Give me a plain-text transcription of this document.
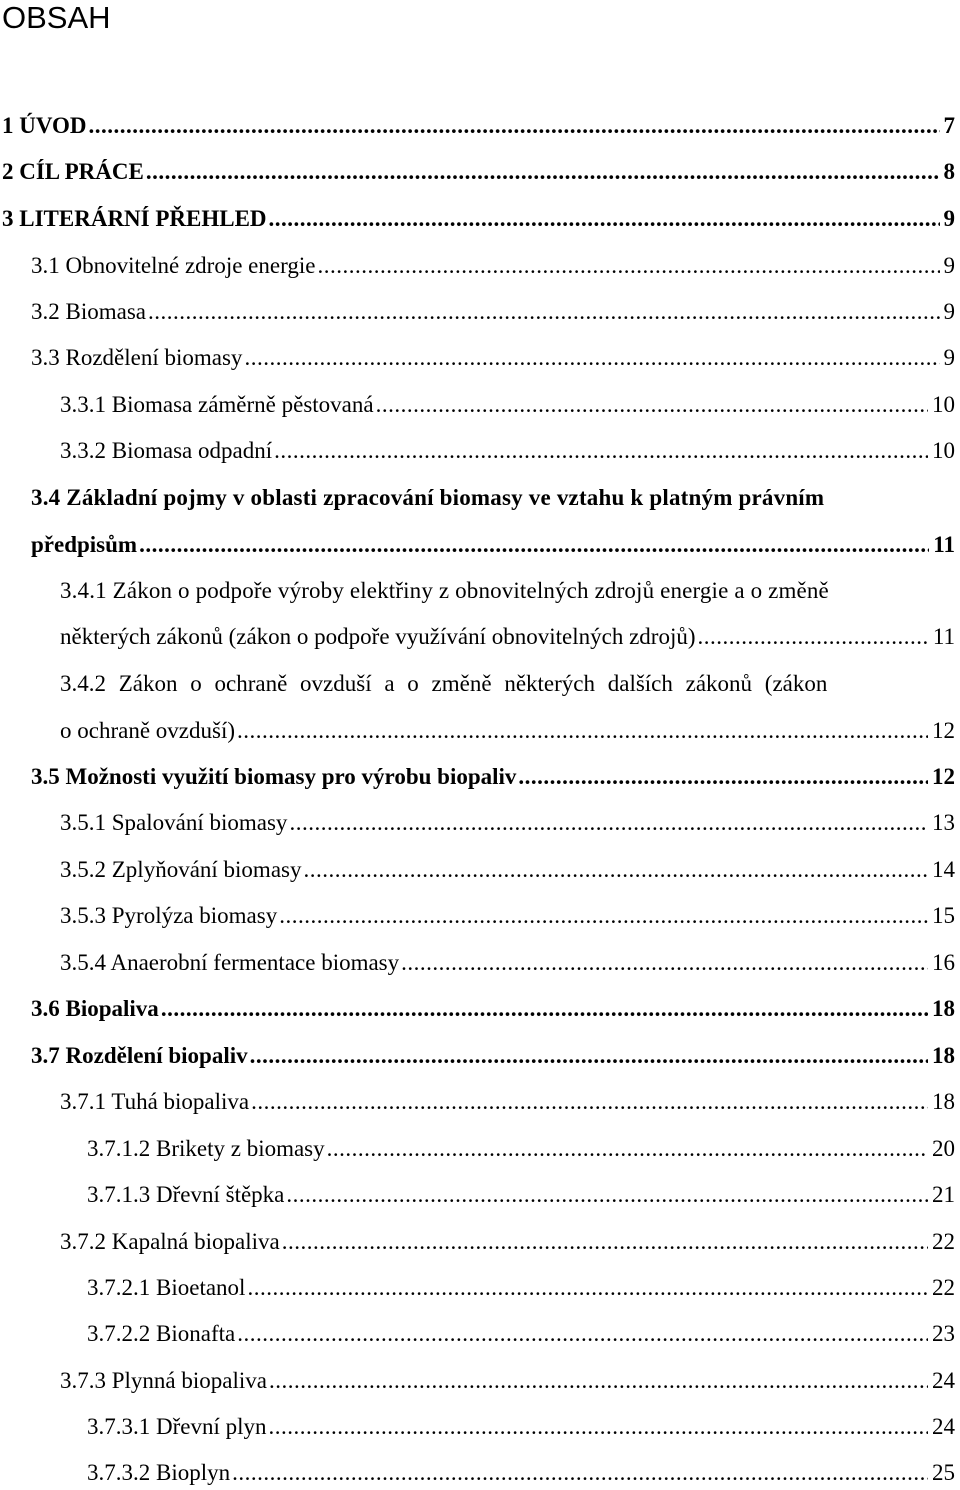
OBSAH
1 ÚVOD .....	7
2 CÍL PRÁCE .....	8
3 LITERÁRNÍ PŘEHLED .....	9
3.1 Obnovitelné zdroje energie .....	9
3.2 Biomasa .....	9
3.3 Rozdělení biomasy .....	9
3.3.1 Biomasa záměrně pěstovaná .....	10
3.3.2 Biomasa odpadní .....	10
3.4 Základní pojmy v oblasti zpracování biomasy ve vztahu k platným právním
předpisům .....	11
3.4.1 Zákon o podpoře výroby elektřiny z obnovitelných zdrojů energie a o změně
některých zákonů (zákon o podpoře využívání obnovitelných zdrojů) .....	11
3.4.2 Zákon o ochraně ovzduší a o změně některých dalších zákonů (zákon
o ochraně ovzduší) .....	12
3.5 Možnosti využití biomasy pro výrobu biopaliv .....	12
3.5.1 Spalování biomasy .....	13
3.5.2 Zplyňování biomasy .....	14
3.5.3 Pyrolýza biomasy .....	15
3.5.4 Anaerobní fermentace biomasy .....	16
3.6 Biopaliva .....	18
3.7 Rozdělení biopaliv .....	18
3.7.1 Tuhá biopaliva .....	18
3.7.1.2 Brikety z biomasy .....	20
3.7.1.3 Dřevní štěpka .....	21
3.7.2 Kapalná biopaliva .....	22
3.7.2.1 Bioetanol .....	22
3.7.2.2 Bionafta .....	23
3.7.3 Plynná biopaliva .....	24
3.7.3.1 Dřevní plyn .....	24
3.7.3.2 Bioplyn .....	25
